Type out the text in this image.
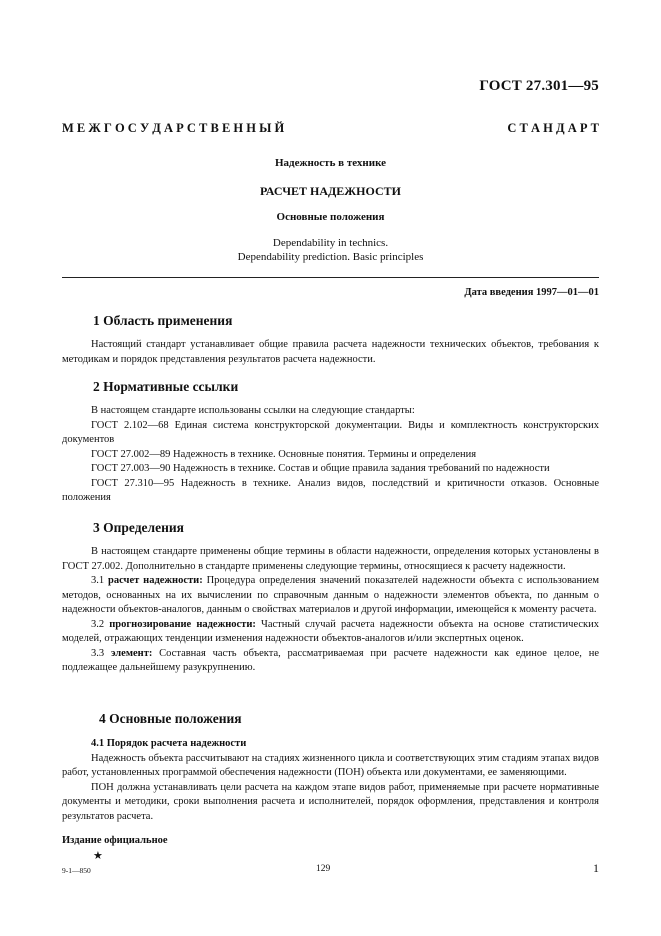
ГОСТ 27.301—95
М Е Ж Г О С У Д А Р С Т В Е Н Н Ы Й	С Т А Н Д А Р Т
Надежность в технике
РАСЧЕТ НАДЕЖНОСТИ
Основные положения
Dependability in technics.
Dependability prediction. Basic principles
Дата введения 1997—01—01
1 Область применения

Настоящий стандарт устанавливает общие правила расчета надежности технических объектов, требования к методикам и порядок представления результатов расчета надежности.

2 Нормативные ссылки

В настоящем стандарте использованы ссылки на следующие стандарты:

ГОСТ 2.102—68 Единая система конструкторской документации. Виды и комплектность конструкторских документов

ГОСТ 27.002—89 Надежность в технике. Основные понятия. Термины и определения

ГОСТ 27.003—90 Надежность в технике. Состав и общие правила задания требований по надежности

ГОСТ 27.310—95 Надежность в технике. Анализ видов, последствий и критичности отказов. Основные положения

3 Определения

В настоящем стандарте применены общие термины в области надежности, определения которых установлены в ГОСТ 27.002. Дополнительно в стандарте применены следующие термины, относящиеся к расчету надежности.

3.1 расчет надежности: Процедура определения значений показателей надежности объекта с использованием методов, основанных на их вычислении по справочным данным о надежности элементов объекта, по данным о надежности объектов-аналогов, данным о свойствах материалов и другой информации, имеющейся к моменту расчета.

3.2 прогнозирование надежности: Частный случай расчета надежности объекта на основе статистических моделей, отражающих тенденции изменения надежности объектов-аналогов и/или экспертных оценок.

3.3 элемент: Составная часть объекта, рассматриваемая при расчете надежности как единое целое, не подлежащее дальнейшему разукрупнению.

4 Основные положения

4.1 Порядок расчета надежности

Надежность объекта рассчитывают на стадиях жизненного цикла и соответствующих этим стадиям этапах видов работ, установленных программой обеспечения надежности (ПОН) объекта или документами, ее заменяющими.

ПОН должна устанавливать цели расчета на каждом этапе видов работ, применяемые при расчете нормативные документы и методики, сроки выполнения расчета и исполнителей, порядок оформления, представления и контроля результатов расчета.

Издание официальное
★
9-1—850	129	1
